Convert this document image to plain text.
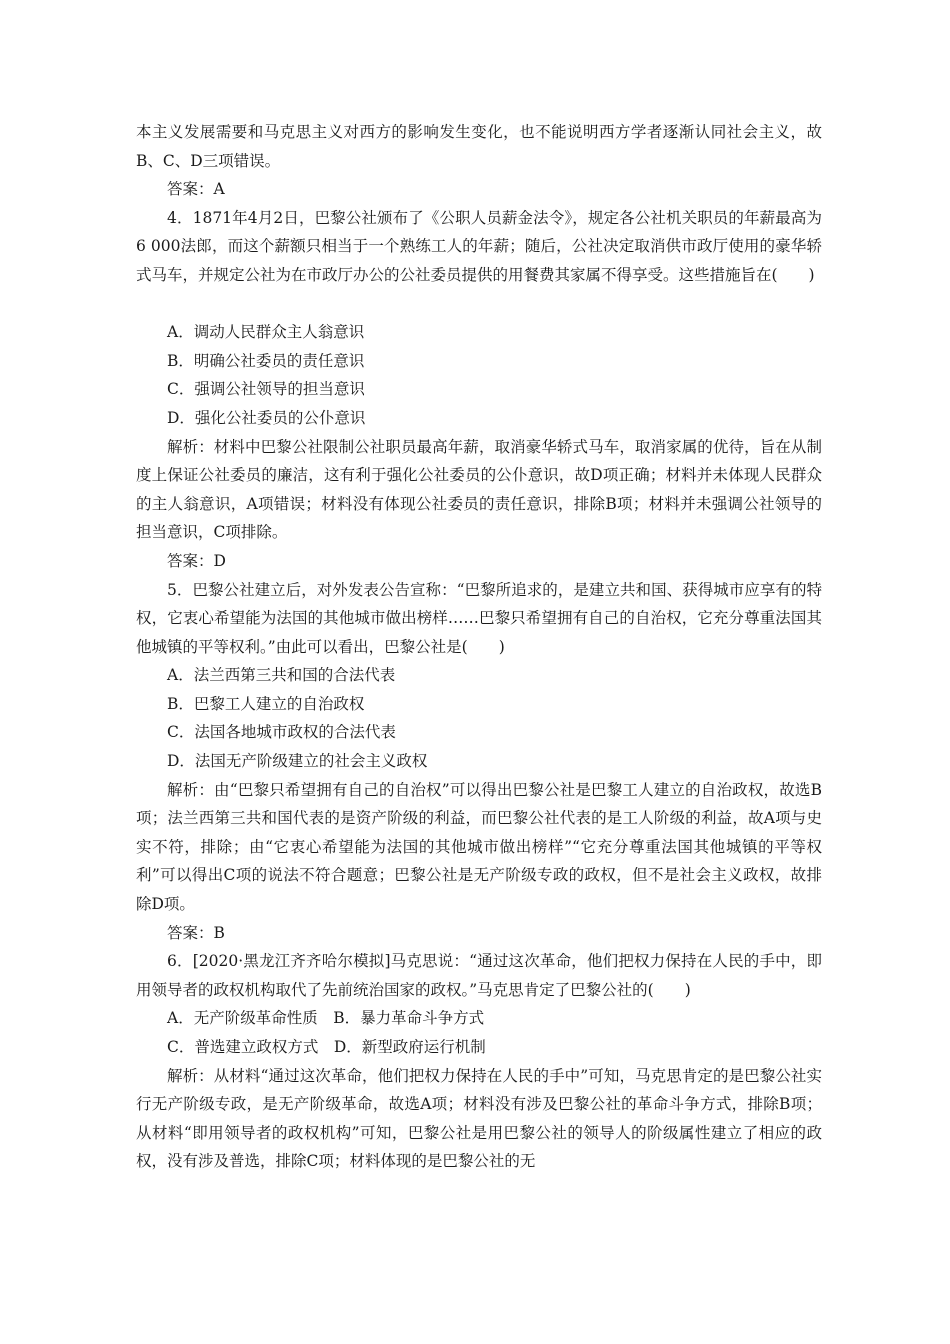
本主义发展需要和马克思主义对西方的影响发生变化，也不能说明西方学者逐渐认同社会主义，故B、C、D三项错误。

答案：A

4．1871年4月2日，巴黎公社颁布了《公职人员薪金法令》，规定各公社机关职员的年薪最高为6 000法郎，而这个薪额只相当于一个熟练工人的年薪；随后，公社决定取消供市政厅使用的豪华轿式马车，并规定公社为在市政厅办公的公社委员提供的用餐费其家属不得享受。这些措施旨在(　　)

A．调动人民群众主人翁意识

B．明确公社委员的责任意识

C．强调公社领导的担当意识

D．强化公社委员的公仆意识

解析：材料中巴黎公社限制公社职员最高年薪，取消豪华轿式马车，取消家属的优待，旨在从制度上保证公社委员的廉洁，这有利于强化公社委员的公仆意识，故D项正确；材料并未体现人民群众的主人翁意识，A项错误；材料没有体现公社委员的责任意识，排除B项；材料并未强调公社领导的担当意识，C项排除。

答案：D

5．巴黎公社建立后，对外发表公告宣称：“巴黎所追求的，是建立共和国、获得城市应享有的特权，它衷心希望能为法国的其他城市做出榜样……巴黎只希望拥有自己的自治权，它充分尊重法国其他城镇的平等权利。”由此可以看出，巴黎公社是(　　)

A．法兰西第三共和国的合法代表

B．巴黎工人建立的自治政权

C．法国各地城市政权的合法代表

D．法国无产阶级建立的社会主义政权

解析：由“巴黎只希望拥有自己的自治权”可以得出巴黎公社是巴黎工人建立的自治政权，故选B项；法兰西第三共和国代表的是资产阶级的利益，而巴黎公社代表的是工人阶级的利益，故A项与史实不符，排除；由“它衷心希望能为法国的其他城市做出榜样”“它充分尊重法国其他城镇的平等权利”可以得出C项的说法不符合题意；巴黎公社是无产阶级专政的政权，但不是社会主义政权，故排除D项。

答案：B

6．[2020·黑龙江齐齐哈尔模拟]马克思说：“通过这次革命，他们把权力保持在人民的手中，即用领导者的政权机构取代了先前统治国家的政权。”马克思肯定了巴黎公社的(　　)

A．无产阶级革命性质　B．暴力革命斗争方式

C．普选建立政权方式　D．新型政府运行机制

解析：从材料“通过这次革命，他们把权力保持在人民的手中”可知，马克思肯定的是巴黎公社实行无产阶级专政，是无产阶级革命，故选A项；材料没有涉及巴黎公社的革命斗争方式，排除B项；从材料“即用领导者的政权机构”可知，巴黎公社是用巴黎公社的领导人的阶级属性建立了相应的政权，没有涉及普选，排除C项；材料体现的是巴黎公社的无
